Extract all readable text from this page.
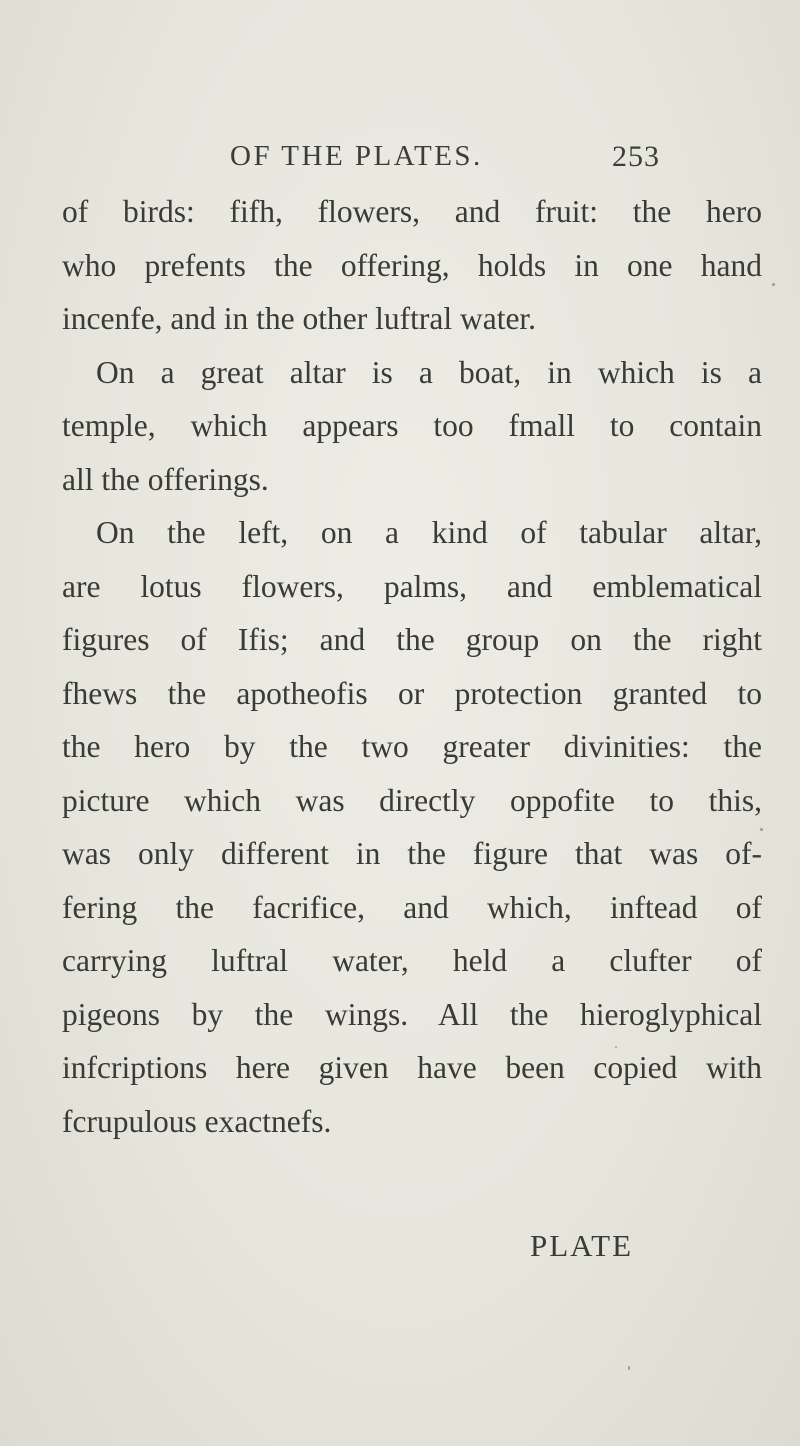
OF THE PLATES.	253
of birds: fifh, flowers, and fruit: the hero
who prefents the offering, holds in one hand
incenfe, and in the other luftral water.
On a great altar is a boat, in which is a
temple, which appears too fmall to contain
all the offerings.
On the left, on a kind of tabular altar,
are lotus flowers, palms, and emblematical
figures of Ifis; and the group on the right
fhews the apotheofis or protection granted to
the hero by the two greater divinities: the
picture which was directly oppofite to this,
was only different in the figure that was of-
fering the facrifice, and which, inftead of
carrying luftral water, held a clufter of
pigeons by the wings. All the hieroglyphical
infcriptions here given have been copied with
fcrupulous exactnefs.
PLATE
